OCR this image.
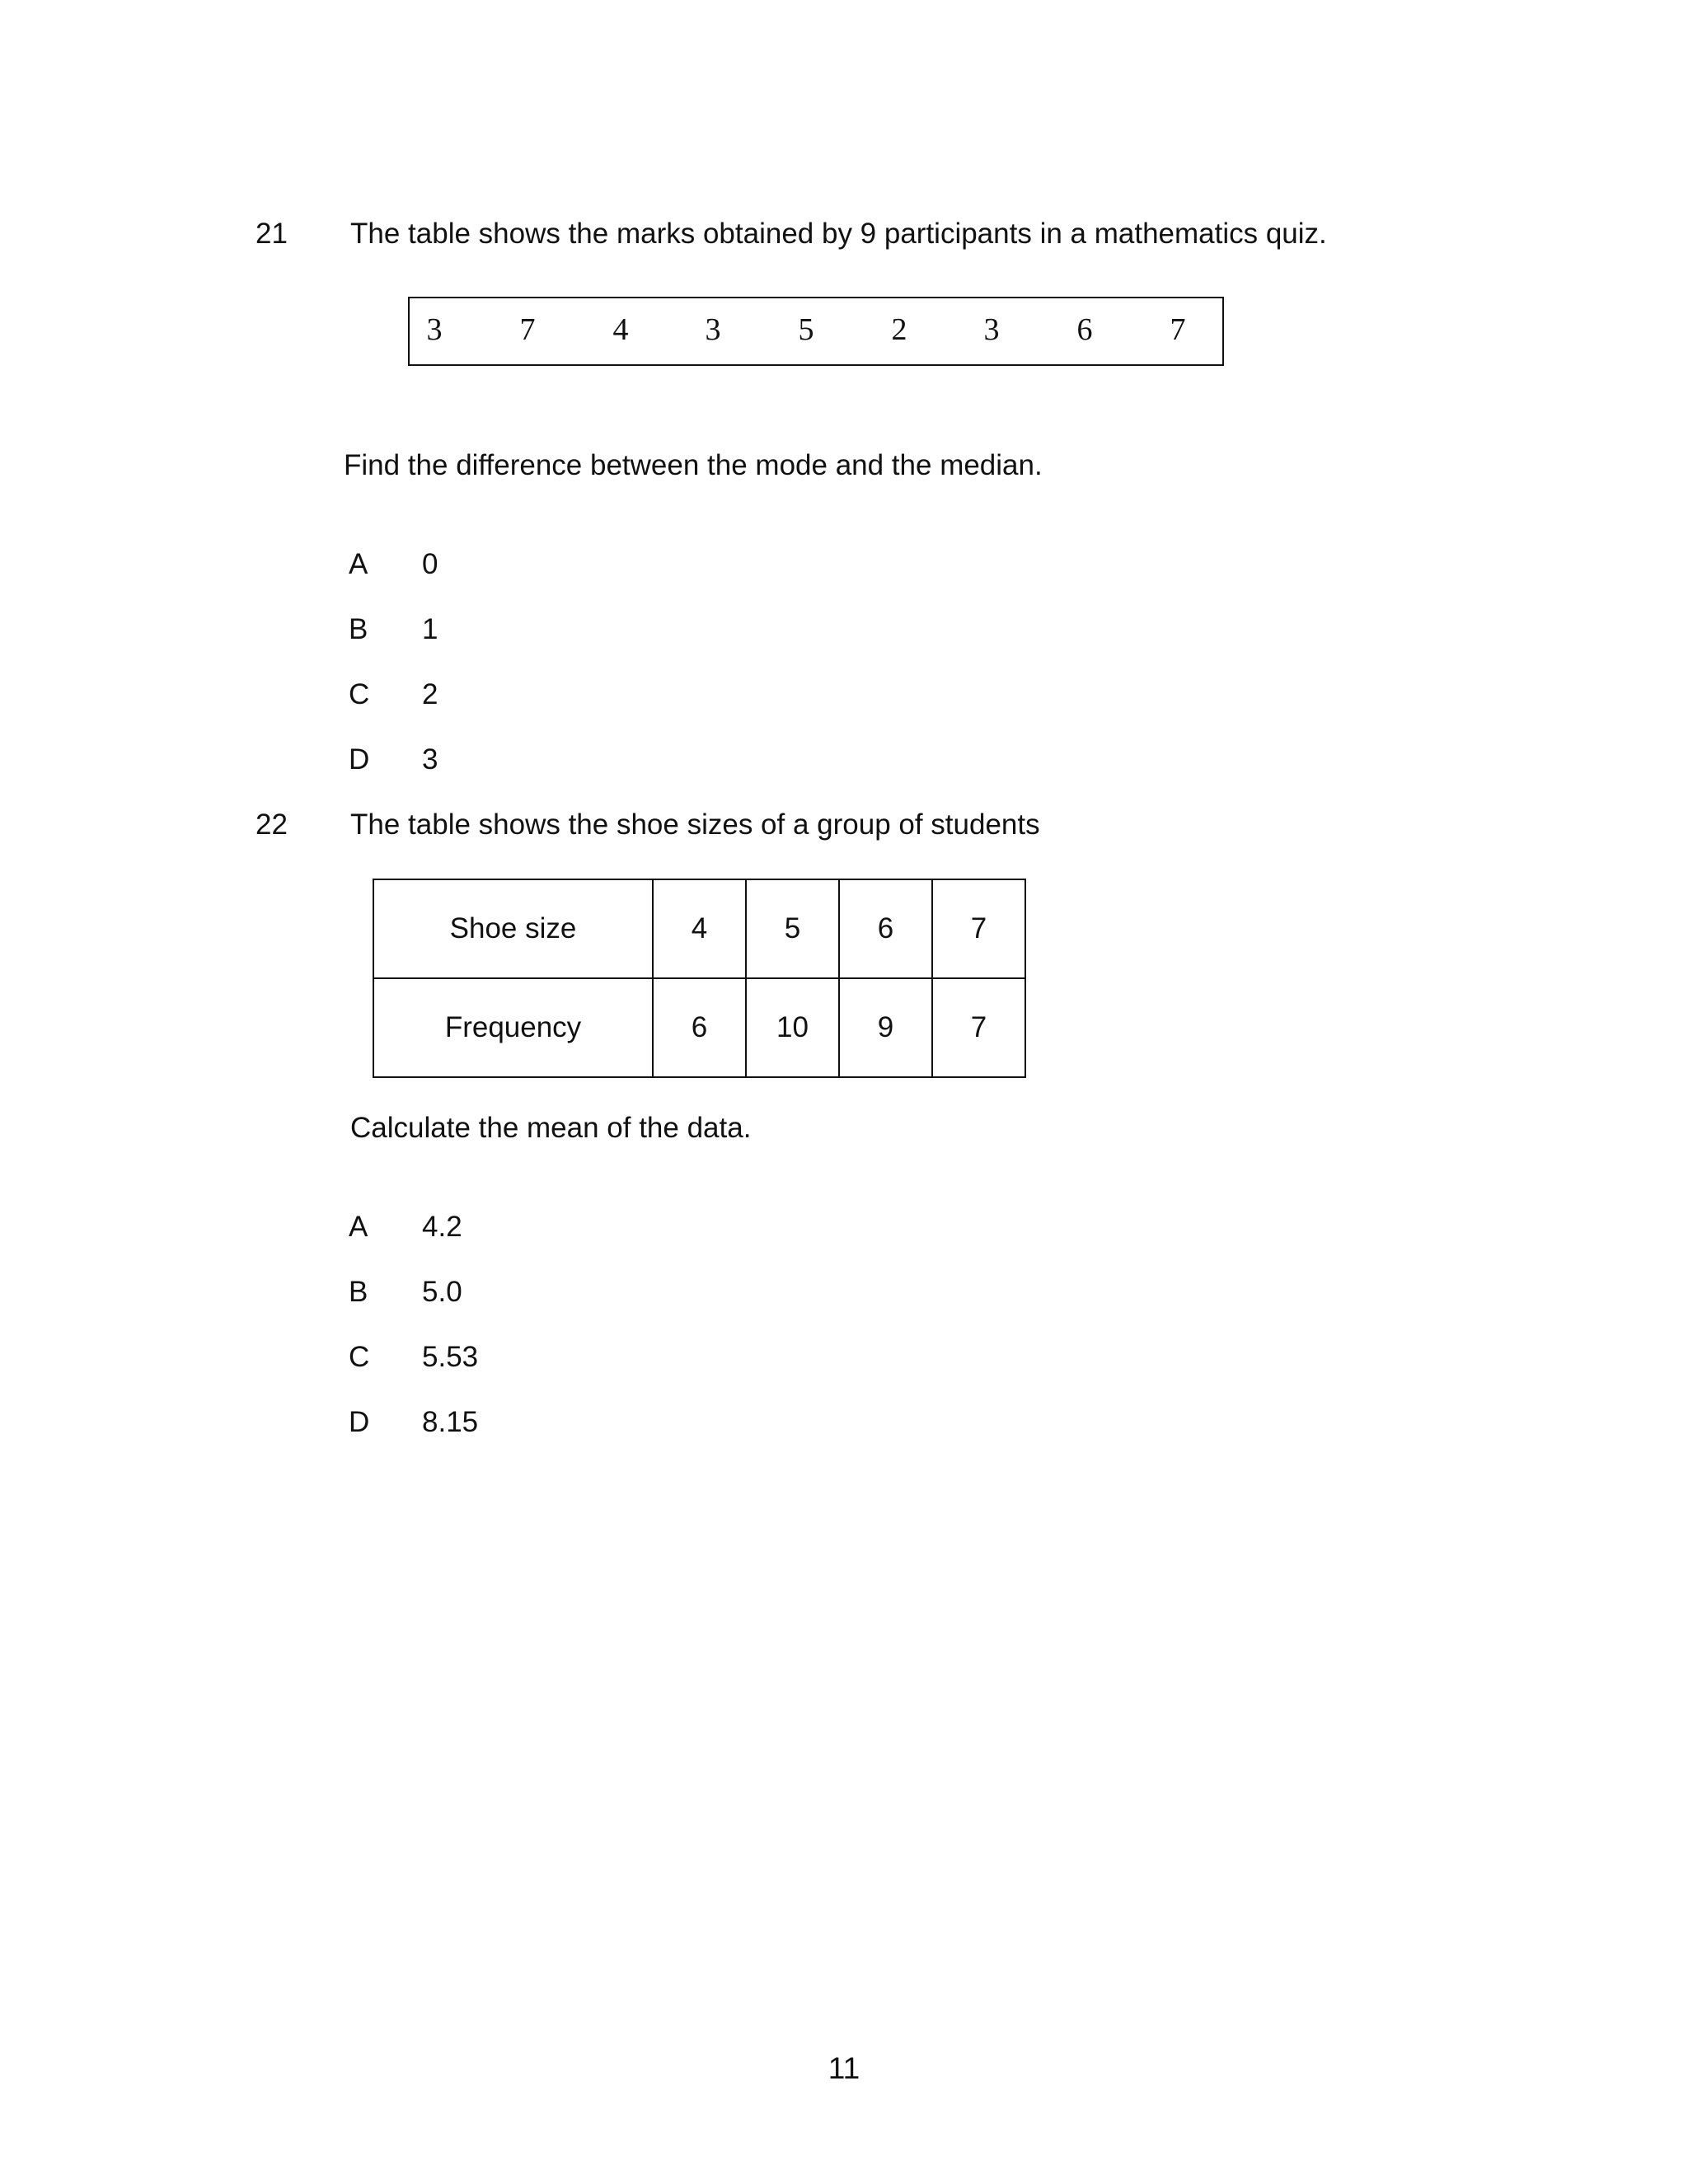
21 The table shows the marks obtained by 9 participants in a mathematics quiz.
3 7 4 3 5 2 3 6 7
Find the difference between the mode and the median.
A 0
B 1
C 2
D 3
22 The table shows the shoe sizes of a group of students
Shoe size	4	5	6	7
Frequency	6	10	9	7
Calculate the mean of the data.
A 4.2
B 5.0
C 5.53
D 8.15
11
